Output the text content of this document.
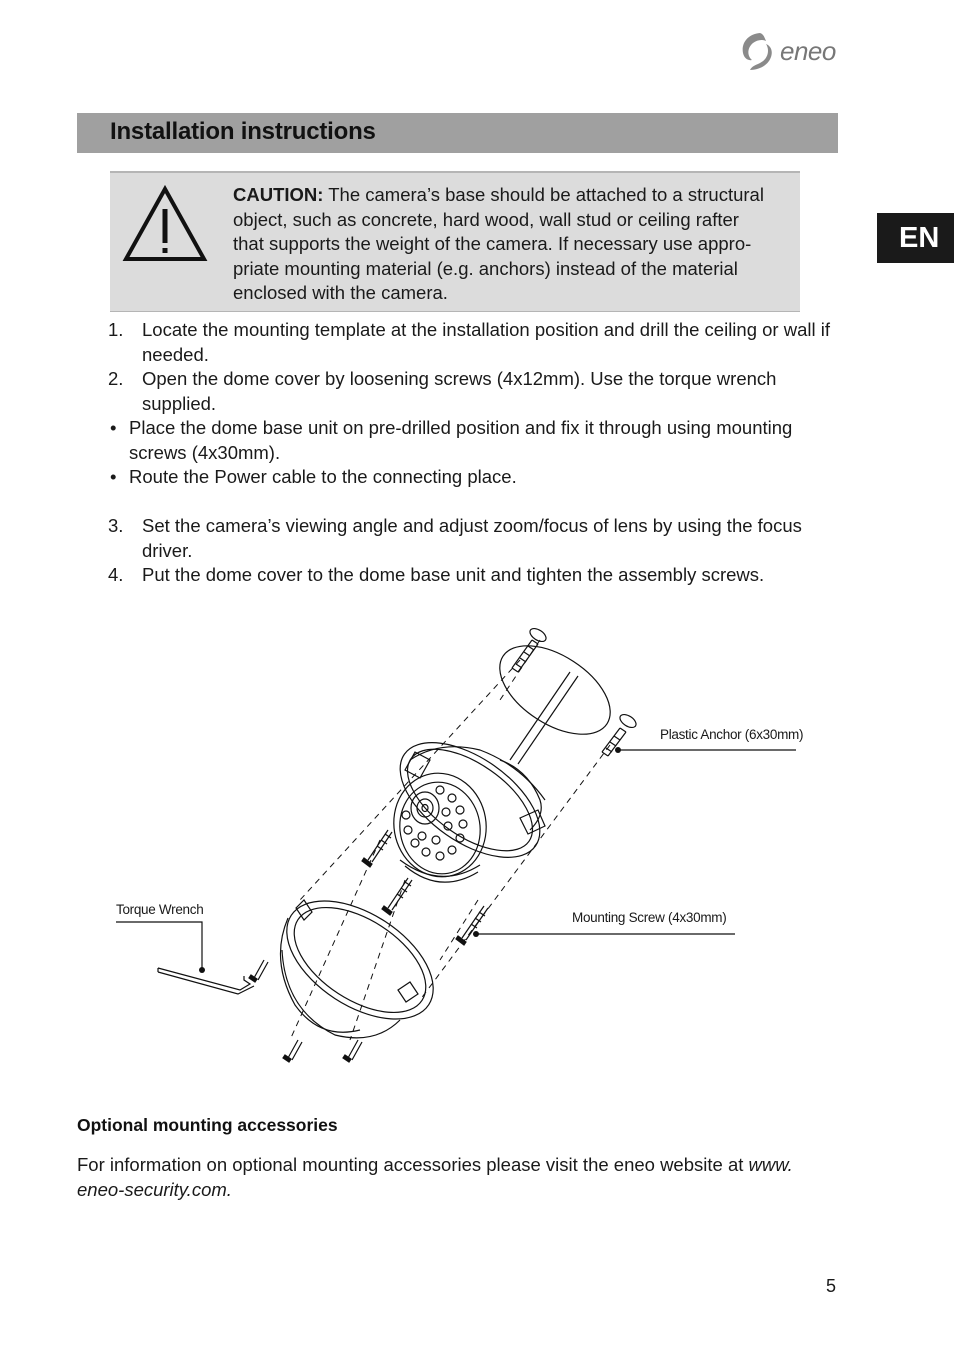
eneo
EN
Installation instructions
CAUTION: The camera’s base should be attached to a structural
object, such as concrete, hard wood, wall stud or ceiling rafter
that supports the weight of the camera. If necessary use appro-
priate mounting material (e.g. anchors) instead of the material
enclosed with the camera.
1. Locate the mounting template at the installation position and drill the ceiling or wall if needed.
2. Open the dome cover by loosening screws (4x12mm). Use the torque wrench supplied.
• Place the dome base unit on pre-drilled position and fix it through using mounting screws (4x30mm).
• Route the Power cable to the connecting place.
3. Set the camera’s viewing angle and adjust zoom/focus of lens by using the focus driver.
4. Put the dome cover to the dome base unit and tighten the assembly screws.
Plastic Anchor (6x30mm)
Mounting Screw (4x30mm)
Torque Wrench
Optional mounting accessories
For information on optional mounting accessories please visit the eneo website at www.
eneo-security.com.
5
